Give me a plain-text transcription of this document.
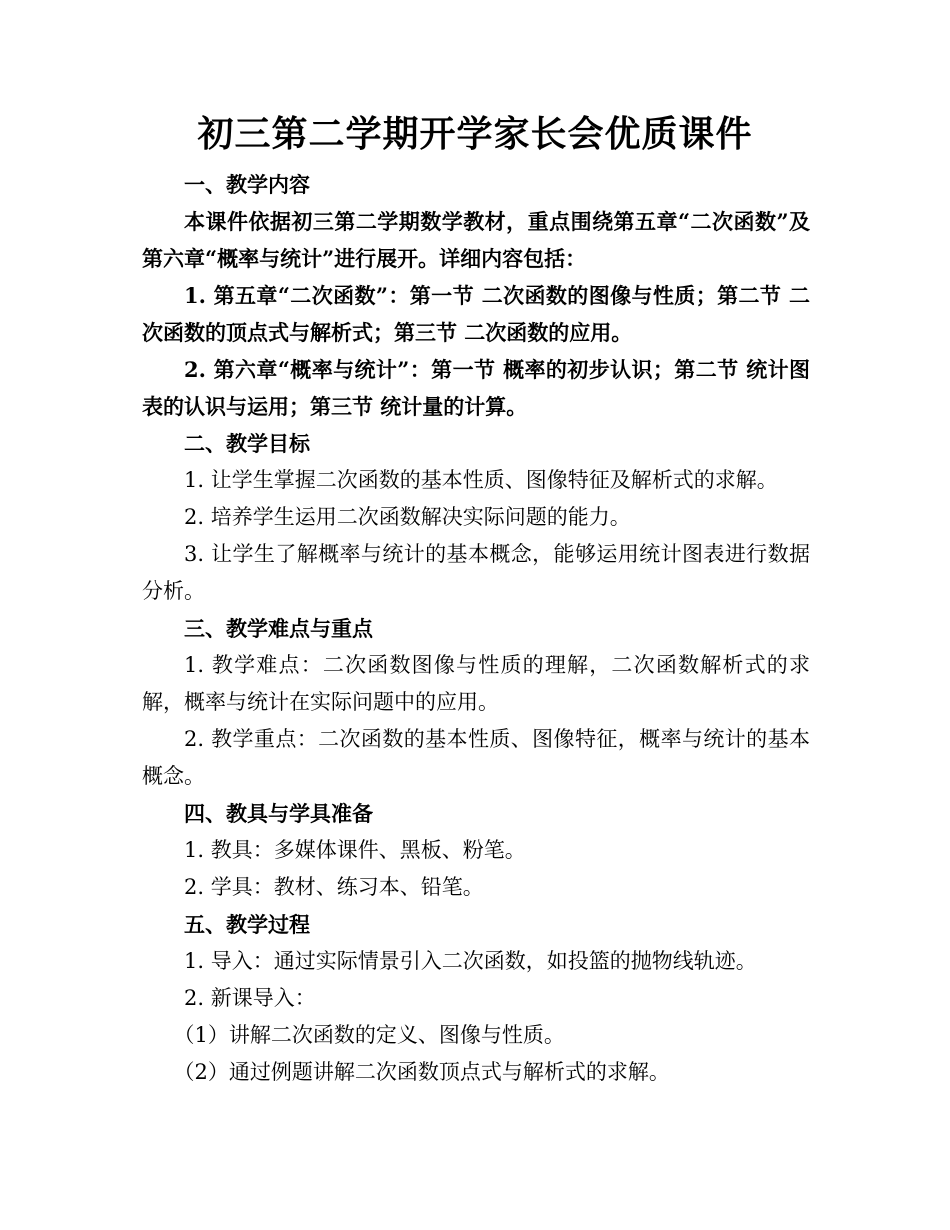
初三第二学期开学家长会优质课件

一、教学内容

本课件依据初三第二学期数学教材，重点围绕第五章“二次函数”及第六章“概率与统计”进行展开。详细内容包括：

1. 第五章“二次函数”：第一节 二次函数的图像与性质；第二节 二次函数的顶点式与解析式；第三节 二次函数的应用。

2. 第六章“概率与统计”：第一节 概率的初步认识；第二节 统计图表的认识与运用；第三节 统计量的计算。

二、教学目标

1. 让学生掌握二次函数的基本性质、图像特征及解析式的求解。

2. 培养学生运用二次函数解决实际问题的能力。

3. 让学生了解概率与统计的基本概念，能够运用统计图表进行数据分析。

三、教学难点与重点

1. 教学难点：二次函数图像与性质的理解，二次函数解析式的求解，概率与统计在实际问题中的应用。

2. 教学重点：二次函数的基本性质、图像特征，概率与统计的基本概念。

四、教具与学具准备

1. 教具：多媒体课件、黑板、粉笔。

2. 学具：教材、练习本、铅笔。

五、教学过程

1. 导入：通过实际情景引入二次函数，如投篮的抛物线轨迹。

2. 新课导入：

（1）讲解二次函数的定义、图像与性质。

（2）通过例题讲解二次函数顶点式与解析式的求解。
